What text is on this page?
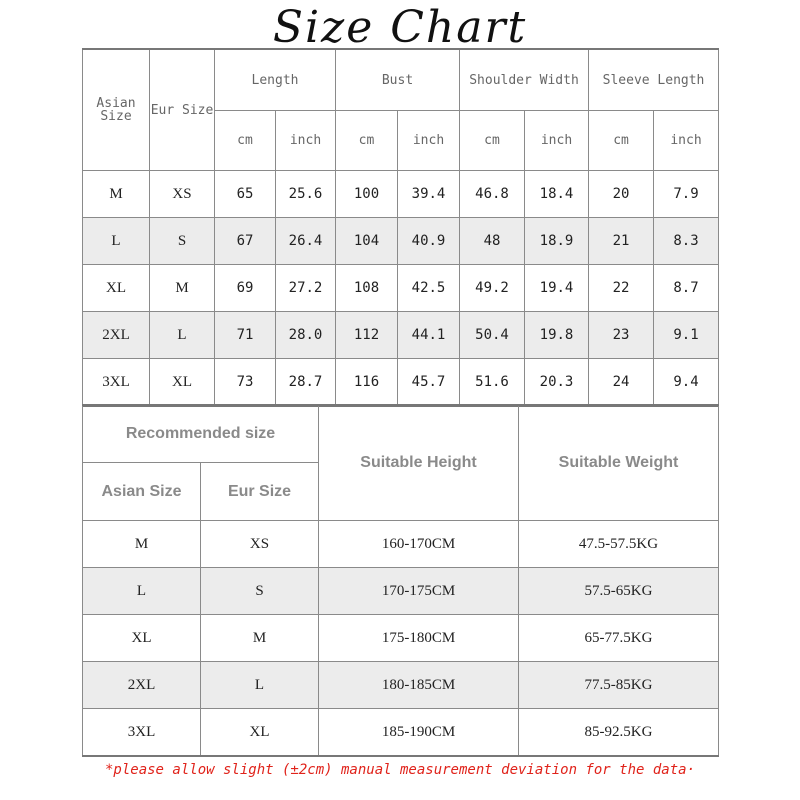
Size Chart
Asian Size	Eur Size	Length		Bust		Shoulder Width		Sleeve Length	
		cm	inch	cm	inch	cm	inch	cm	inch
M	XS	65	25.6	100	39.4	46.8	18.4	20	7.9
L	S	67	26.4	104	40.9	48	18.9	21	8.3
XL	M	69	27.2	108	42.5	49.2	19.4	22	8.7
2XL	L	71	28.0	112	44.1	50.4	19.8	23	9.1
3XL	XL	73	28.7	116	45.7	51.6	20.3	24	9.4
Recommended size		Suitable Height	Suitable Weight
Asian Size	Eur Size		
M	XS	160-170CM	47.5-57.5KG
L	S	170-175CM	57.5-65KG
XL	M	175-180CM	65-77.5KG
2XL	L	180-185CM	77.5-85KG
3XL	XL	185-190CM	85-92.5KG
*please allow slight (±2cm) manual measurement deviation for the data·
